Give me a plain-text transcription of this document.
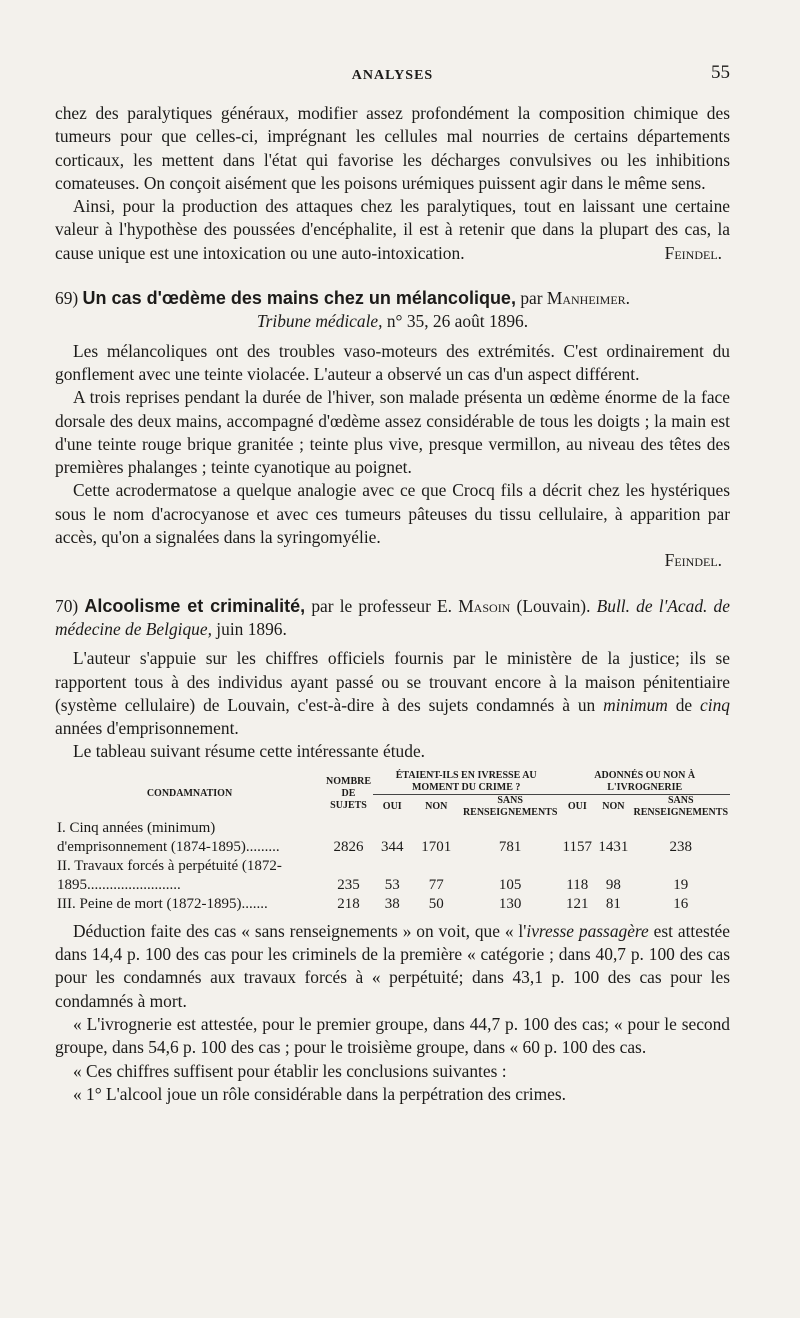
ANALYSES	55

chez des paralytiques généraux, modifier assez profondément la composition chimique des tumeurs pour que celles-ci, imprégnant les cellules mal nourries de certains départements corticaux, les mettent dans l'état qui favorise les décharges convulsives ou les inhibitions comateuses. On conçoit aisément que les poisons urémiques puissent agir dans le même sens.

Ainsi, pour la production des attaques chez les paralytiques, tout en laissant une certaine valeur à l'hypothèse des poussées d'encéphalite, il est à retenir que dans la plupart des cas, la cause unique est une intoxication ou une auto-intoxication.	Feindel.

69) Un cas d'œdème des mains chez un mélancolique, par Manheimer.

Tribune médicale, n° 35, 26 août 1896.

Les mélancoliques ont des troubles vaso-moteurs des extrémités. C'est ordinairement du gonflement avec une teinte violacée. L'auteur a observé un cas d'un aspect différent.

A trois reprises pendant la durée de l'hiver, son malade présenta un œdème énorme de la face dorsale des deux mains, accompagné d'œdème assez considérable de tous les doigts ; la main est d'une teinte rouge brique granitée ; teinte plus vive, presque vermillon, au niveau des têtes des premières phalanges ; teinte cyanotique au poignet.

Cette acrodermatose a quelque analogie avec ce que Crocq fils a décrit chez les hystériques sous le nom d'acrocyanose et avec ces tumeurs pâteuses du tissu cellulaire, à apparition par accès, qu'on a signalées dans la syringomyélie.

Feindel.

70) Alcoolisme et criminalité, par le professeur E. Masoin (Louvain). Bull. de l'Acad. de médecine de Belgique, juin 1896.

L'auteur s'appuie sur les chiffres officiels fournis par le ministère de la justice; ils se rapportent tous à des individus ayant passé ou se trouvant encore à la maison pénitentiaire (système cellulaire) de Louvain, c'est-à-dire à des sujets condamnés à un minimum de cinq années d'emprisonnement.

Le tableau suivant résume cette intéressante étude.

CONDAMNATION	NOMBRE
DE
SUJETS	ÉTAIENT-ILS EN IVRESSE AU MOMENT DU CRIME ?			ADONNÉS OU NON À L'IVROGNERIE		
		OUI	NON	SANS RENSEIGNEMENTS	OUI	NON	SANS RENSEIGNEMENTS
I. Cinq années (minimum) d'emprisonnement (1874-1895).........	2826	344	1701	781	1157	1431	238
II. Travaux forcés à perpétuité (1872-1895.........................	235	53	77	105	118	98	19
III. Peine de mort (1872-1895).......	218	38	50	130	121	81	16

Déduction faite des cas « sans renseignements » on voit, que « l'ivresse passagère est attestée dans 14,4 p. 100 des cas pour les criminels de la première « catégorie ; dans 40,7 p. 100 des cas pour les condamnés aux travaux forcés à « perpétuité; dans 43,1 p. 100 des cas pour les condamnés à mort.

« L'ivrognerie est attestée, pour le premier groupe, dans 44,7 p. 100 des cas; « pour le second groupe, dans 54,6 p. 100 des cas ; pour le troisième groupe, dans « 60 p. 100 des cas.

« Ces chiffres suffisent pour établir les conclusions suivantes :

« 1° L'alcool joue un rôle considérable dans la perpétration des crimes.
